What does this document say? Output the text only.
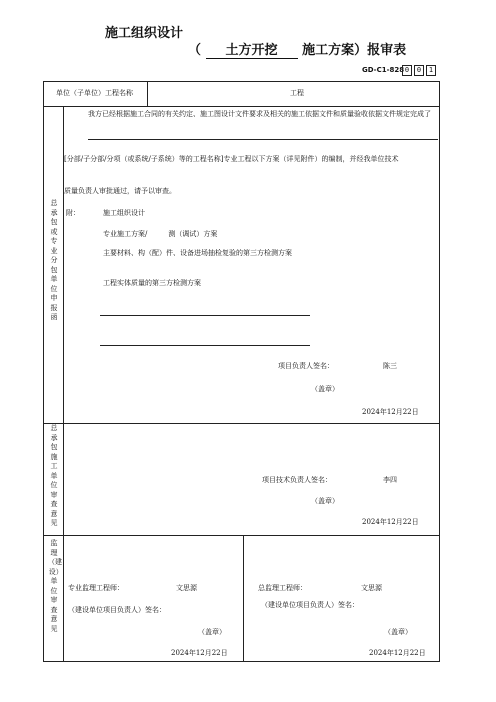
施工组织设计
（ 土方开挖 施工方案）报审表
GD-C1-828 0	0	1
单位（子单位）工程名称	工程
总承包或专业分包单位申报函
我方已经根据施工合同的有关约定、施工图设计文件要求及相关的施工依据文件和质量验收依据文件规定完成了
[分部/子分部/分项（或系统/子系统）等的工程名称]专业工程以下方案（详见附件）的编制，并经我单位技术
质量负责人审批通过，请予以审查。
附：	施工组织设计
专业施工方案/　　　测（调试）方案
主要材料、构（配）件、设备进场抽检复验的第三方检测方案
工程实体质量的第三方检测方案
项目负责人签名：	陈三
（盖章）
2024年12月22日
总承包施工单位审查意见
项目技术负责人签名：	李四
（盖章）
2024年12月22日
监理（建设）单位审查意见
专业监理工程师：	文思源
（建设单位项目负责人）签名：
（盖章）
2024年12月22日
总监理工程师：	文思源
（建设单位项目负责人）签名：
（盖章）
2024年12月22日
